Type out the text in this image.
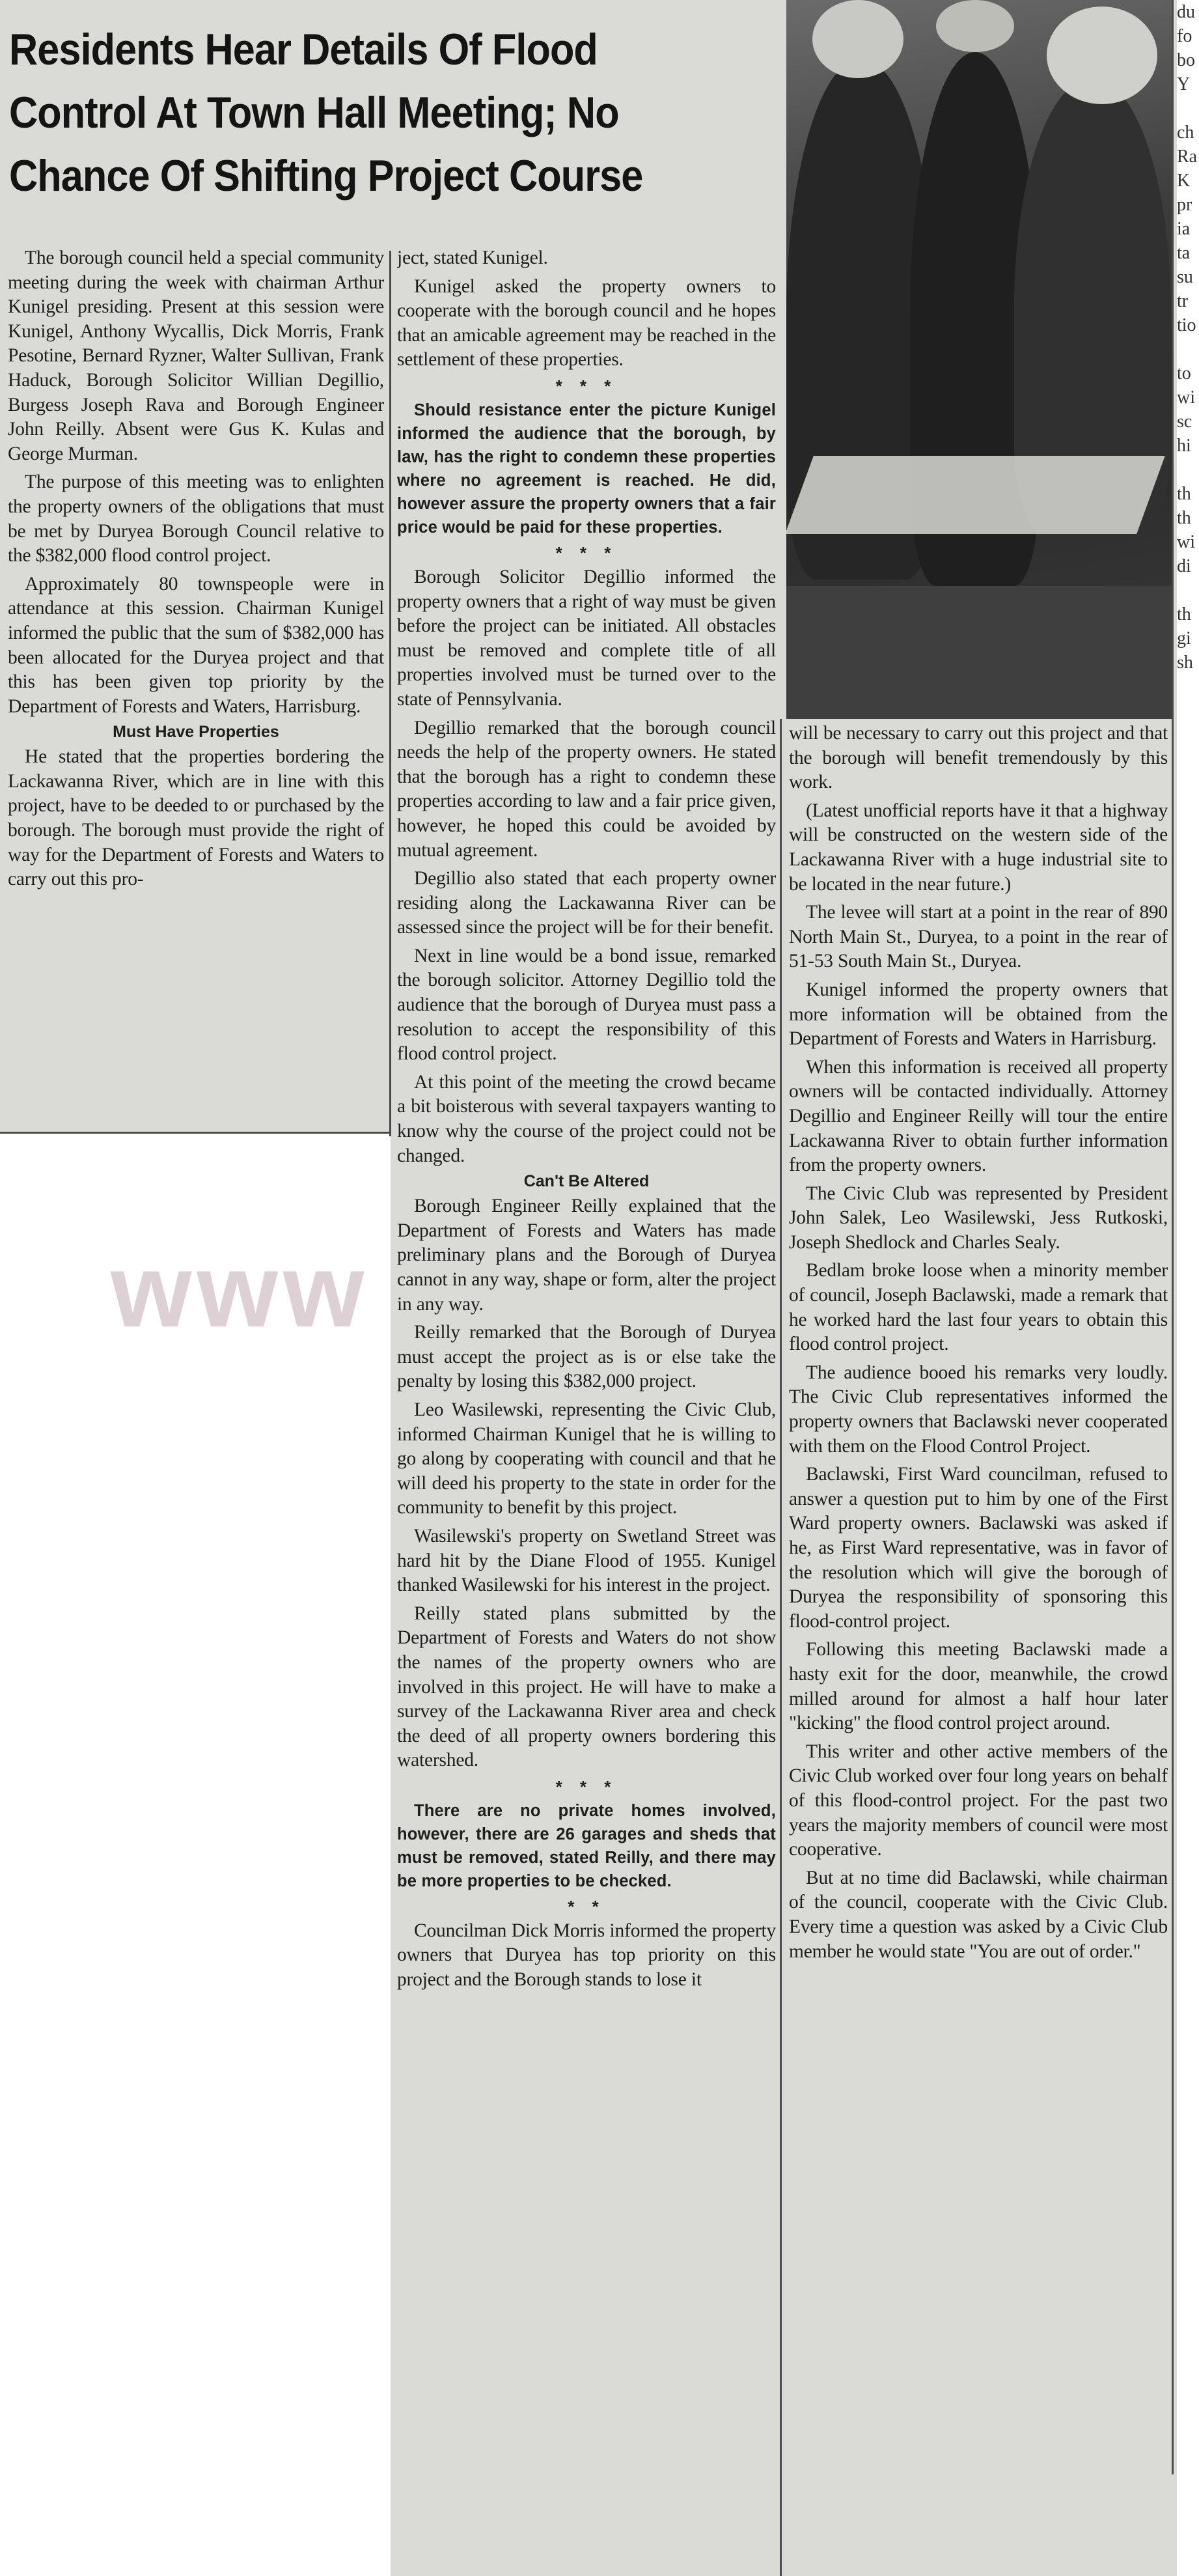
Residents Hear Details Of Flood
Control At Town Hall Meeting; No
Chance Of Shifting Project Course

The borough council held a special community meeting during the week with chairman Arthur Kunigel presiding. Present at this session were Kunigel, Anthony Wycallis, Dick Morris, Frank Pesotine, Bernard Ryzner, Walter Sullivan, Frank Haduck, Borough Solicitor Willian Degillio, Burgess Joseph Rava and Borough Engineer John Reilly. Absent were Gus K. Kulas and George Murman.

The purpose of this meeting was to enlighten the property owners of the obligations that must be met by Duryea Borough Council relative to the $382,000 flood control project.

Approximately 80 townspeople were in attendance at this session. Chairman Kunigel informed the public that the sum of $382,000 has been allocated for the Duryea project and that this has been given top priority by the Department of Forests and Waters, Harrisburg.

Must Have Properties

He stated that the properties bordering the Lackawanna River, which are in line with this project, have to be deeded to or purchased by the borough. The borough must provide the right of way for the Department of Forests and Waters to carry out this pro-

ject, stated Kunigel.

Kunigel asked the property owners to cooperate with the borough council and he hopes that an amicable agreement may be reached in the settlement of these properties.

* * *

Should resistance enter the picture Kunigel informed the audience that the borough, by law, has the right to condemn these properties where no agreement is reached. He did, however assure the property owners that a fair price would be paid for these properties.

* * *

Borough Solicitor Degillio informed the property owners that a right of way must be given before the project can be initiated. All obstacles must be removed and complete title of all properties involved must be turned over to the state of Pennsylvania.

Degillio remarked that the borough council needs the help of the property owners. He stated that the borough has a right to condemn these properties according to law and a fair price given, however, he hoped this could be avoided by mutual agreement.

Degillio also stated that each property owner residing along the Lackawanna River can be assessed since the project will be for their benefit.

Next in line would be a bond issue, remarked the borough solicitor. Attorney Degillio told the audience that the borough of Duryea must pass a resolution to accept the responsibility of this flood control project.

At this point of the meeting the crowd became a bit boisterous with several taxpayers wanting to know why the course of the project could not be changed.

Can't Be Altered

Borough Engineer Reilly explained that the Department of Forests and Waters has made preliminary plans and the Borough of Duryea cannot in any way, shape or form, alter the project in any way.

Reilly remarked that the Borough of Duryea must accept the project as is or else take the penalty by losing this $382,000 project.

Leo Wasilewski, representing the Civic Club, informed Chairman Kunigel that he is willing to go along by cooperating with council and that he will deed his property to the state in order for the community to benefit by this project.

Wasilewski's property on Swetland Street was hard hit by the Diane Flood of 1955. Kunigel thanked Wasilewski for his interest in the project.

Reilly stated plans submitted by the Department of Forests and Waters do not show the names of the property owners who are involved in this project. He will have to make a survey of the Lackawanna River area and check the deed of all property owners bordering this watershed.

* * *

There are no private homes involved, however, there are 26 garages and sheds that must be removed, stated Reilly, and there may be more properties to be checked.

* *

Councilman Dick Morris informed the property owners that Duryea has top priority on this project and the Borough stands to lose it

will be necessary to carry out this project and that the borough will benefit tremendously by this work.

(Latest unofficial reports have it that a highway will be constructed on the western side of the Lackawanna River with a huge industrial site to be located in the near future.)

The levee will start at a point in the rear of 890 North Main St., Duryea, to a point in the rear of 51-53 South Main St., Duryea.

Kunigel informed the property owners that more information will be obtained from the Department of Forests and Waters in Harrisburg.

When this information is received all property owners will be contacted individually. Attorney Degillio and Engineer Reilly will tour the entire Lackawanna River to obtain further information from the property owners.

The Civic Club was represented by President John Salek, Leo Wasilewski, Jess Rutkoski, Joseph Shedlock and Charles Sealy.

Bedlam broke loose when a minority member of council, Joseph Baclawski, made a remark that he worked hard the last four years to obtain this flood control project.

The audience booed his remarks very loudly. The Civic Club representatives informed the property owners that Baclawski never cooperated with them on the Flood Control Project.

Baclawski, First Ward councilman, refused to answer a question put to him by one of the First Ward property owners. Baclawski was asked if he, as First Ward representative, was in favor of the resolution which will give the borough of Duryea the responsibility of sponsoring this flood-control project.

Following this meeting Baclawski made a hasty exit for the door, meanwhile, the crowd milled around for almost a half hour later "kicking" the flood control project around.

This writer and other active members of the Civic Club worked over four long years on behalf of this flood-control project. For the past two years the majority members of council were most cooperative.

But at no time did Baclawski, while chairman of the council, cooperate with the Civic Club. Every time a question was asked by a Civic Club member he would state "You are out of order."

du
fo
bo
Y

ch
Ra
K
pr
ia
ta
su
tr
tio

to
wi
sc
hi

th
th
wi
di

th
gi
sh
www
